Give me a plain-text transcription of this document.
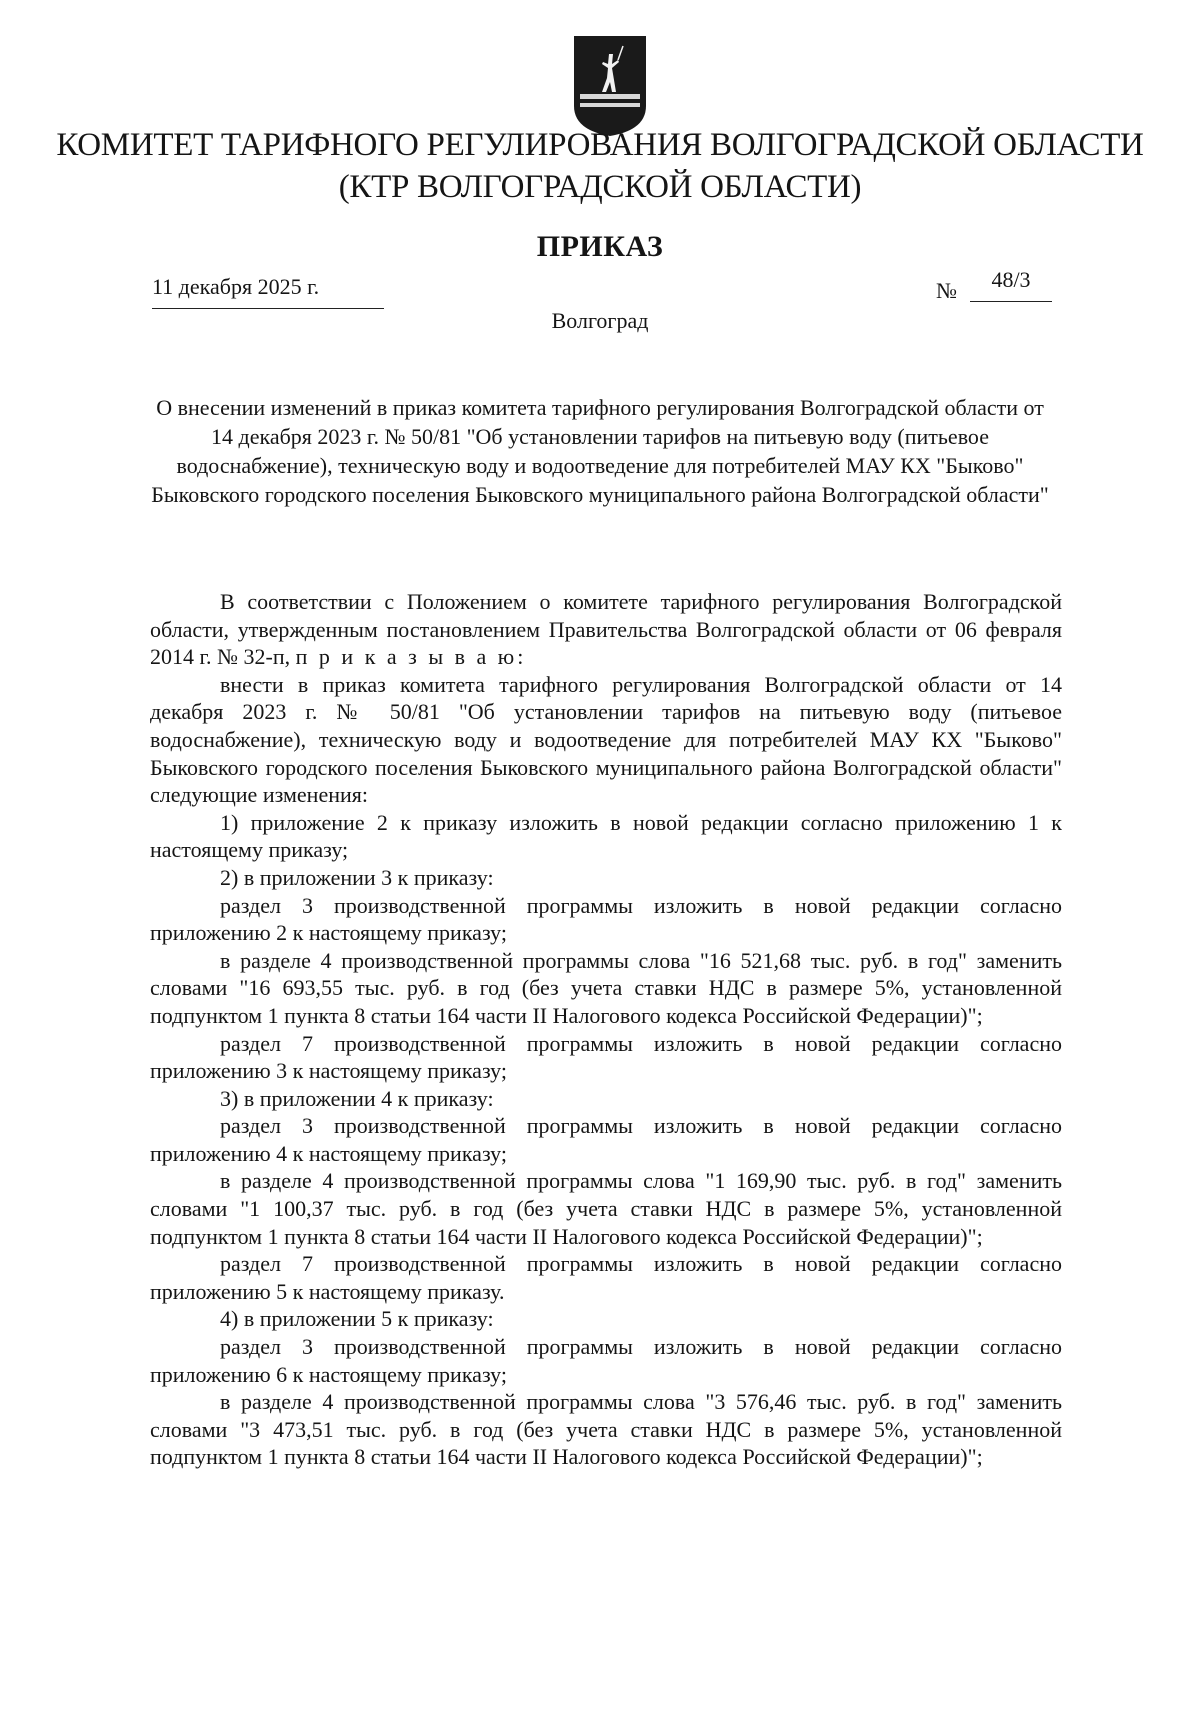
КОМИТЕТ ТАРИФНОГО РЕГУЛИРОВАНИЯ ВОЛГОГРАДСКОЙ ОБЛАСТИ
(КТР ВОЛГОГРАДСКОЙ ОБЛАСТИ)
ПРИКАЗ
11 декабря 2025 г.	№	48/3
Волгоград

О внесении изменений в приказ комитета тарифного регулирования Волгоградской области от 14 декабря 2023 г. № 50/81 "Об установлении тарифов на питьевую воду (питьевое водоснабжение), техническую воду и водоотведение для потребителей МАУ КХ "Быково" Быковского городского поселения Быковского муниципального района Волгоградской области"

В соответствии с Положением о комитете тарифного регулирования Волгоградской области, утвержденным постановлением Правительства Волгоградской области от 06 февраля 2014 г. № 32-п, п р и к а з ы в а ю:

внести в приказ комитета тарифного регулирования Волгоградской области от 14 декабря 2023 г. № 50/81 "Об установлении тарифов на питьевую воду (питьевое водоснабжение), техническую воду и водоотведение для потребителей МАУ КХ "Быково" Быковского городского поселения Быковского муниципального района Волгоградской области" следующие изменения:

1) приложение 2 к приказу изложить в новой редакции согласно приложению 1 к настоящему приказу;

2) в приложении 3 к приказу:

раздел 3 производственной программы изложить в новой редакции согласно приложению 2 к настоящему приказу;

в разделе 4 производственной программы слова "16 521,68 тыс. руб. в год" заменить словами "16 693,55 тыс. руб. в год (без учета ставки НДС в размере 5%, установленной подпунктом 1 пункта 8 статьи 164 части II Налогового кодекса Российской Федерации)";

раздел 7 производственной программы изложить в новой редакции согласно приложению 3 к настоящему приказу;

3) в приложении 4 к приказу:

раздел 3 производственной программы изложить в новой редакции согласно приложению 4 к настоящему приказу;

в разделе 4 производственной программы слова "1 169,90 тыс. руб. в год" заменить словами "1 100,37 тыс. руб. в год (без учета ставки НДС в размере 5%, установленной подпунктом 1 пункта 8 статьи 164 части II Налогового кодекса Российской Федерации)";

раздел 7 производственной программы изложить в новой редакции согласно приложению 5 к настоящему приказу.

4) в приложении 5 к приказу:

раздел 3 производственной программы изложить в новой редакции согласно приложению 6 к настоящему приказу;

в разделе 4 производственной программы слова "3 576,46 тыс. руб. в год" заменить словами "3 473,51 тыс. руб. в год (без учета ставки НДС в размере 5%, установленной подпунктом 1 пункта 8 статьи 164 части II Налогового кодекса Российской Федерации)";
